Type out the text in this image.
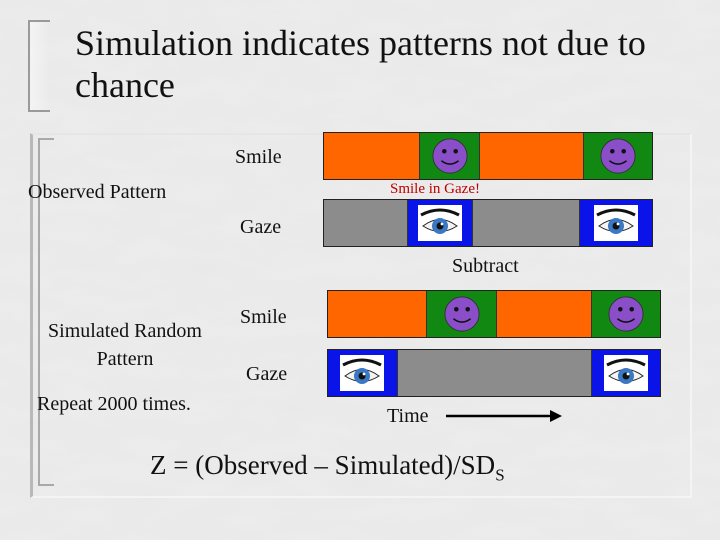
Simulation indicates patterns not due to chance
Smile
Observed Pattern
Gaze
Smile in Gaze!
Subtract
Smile
Simulated Random
Pattern
Gaze
Repeat 2000 times.
Time
Z = (Observed – $Simulated)/SD_S$
